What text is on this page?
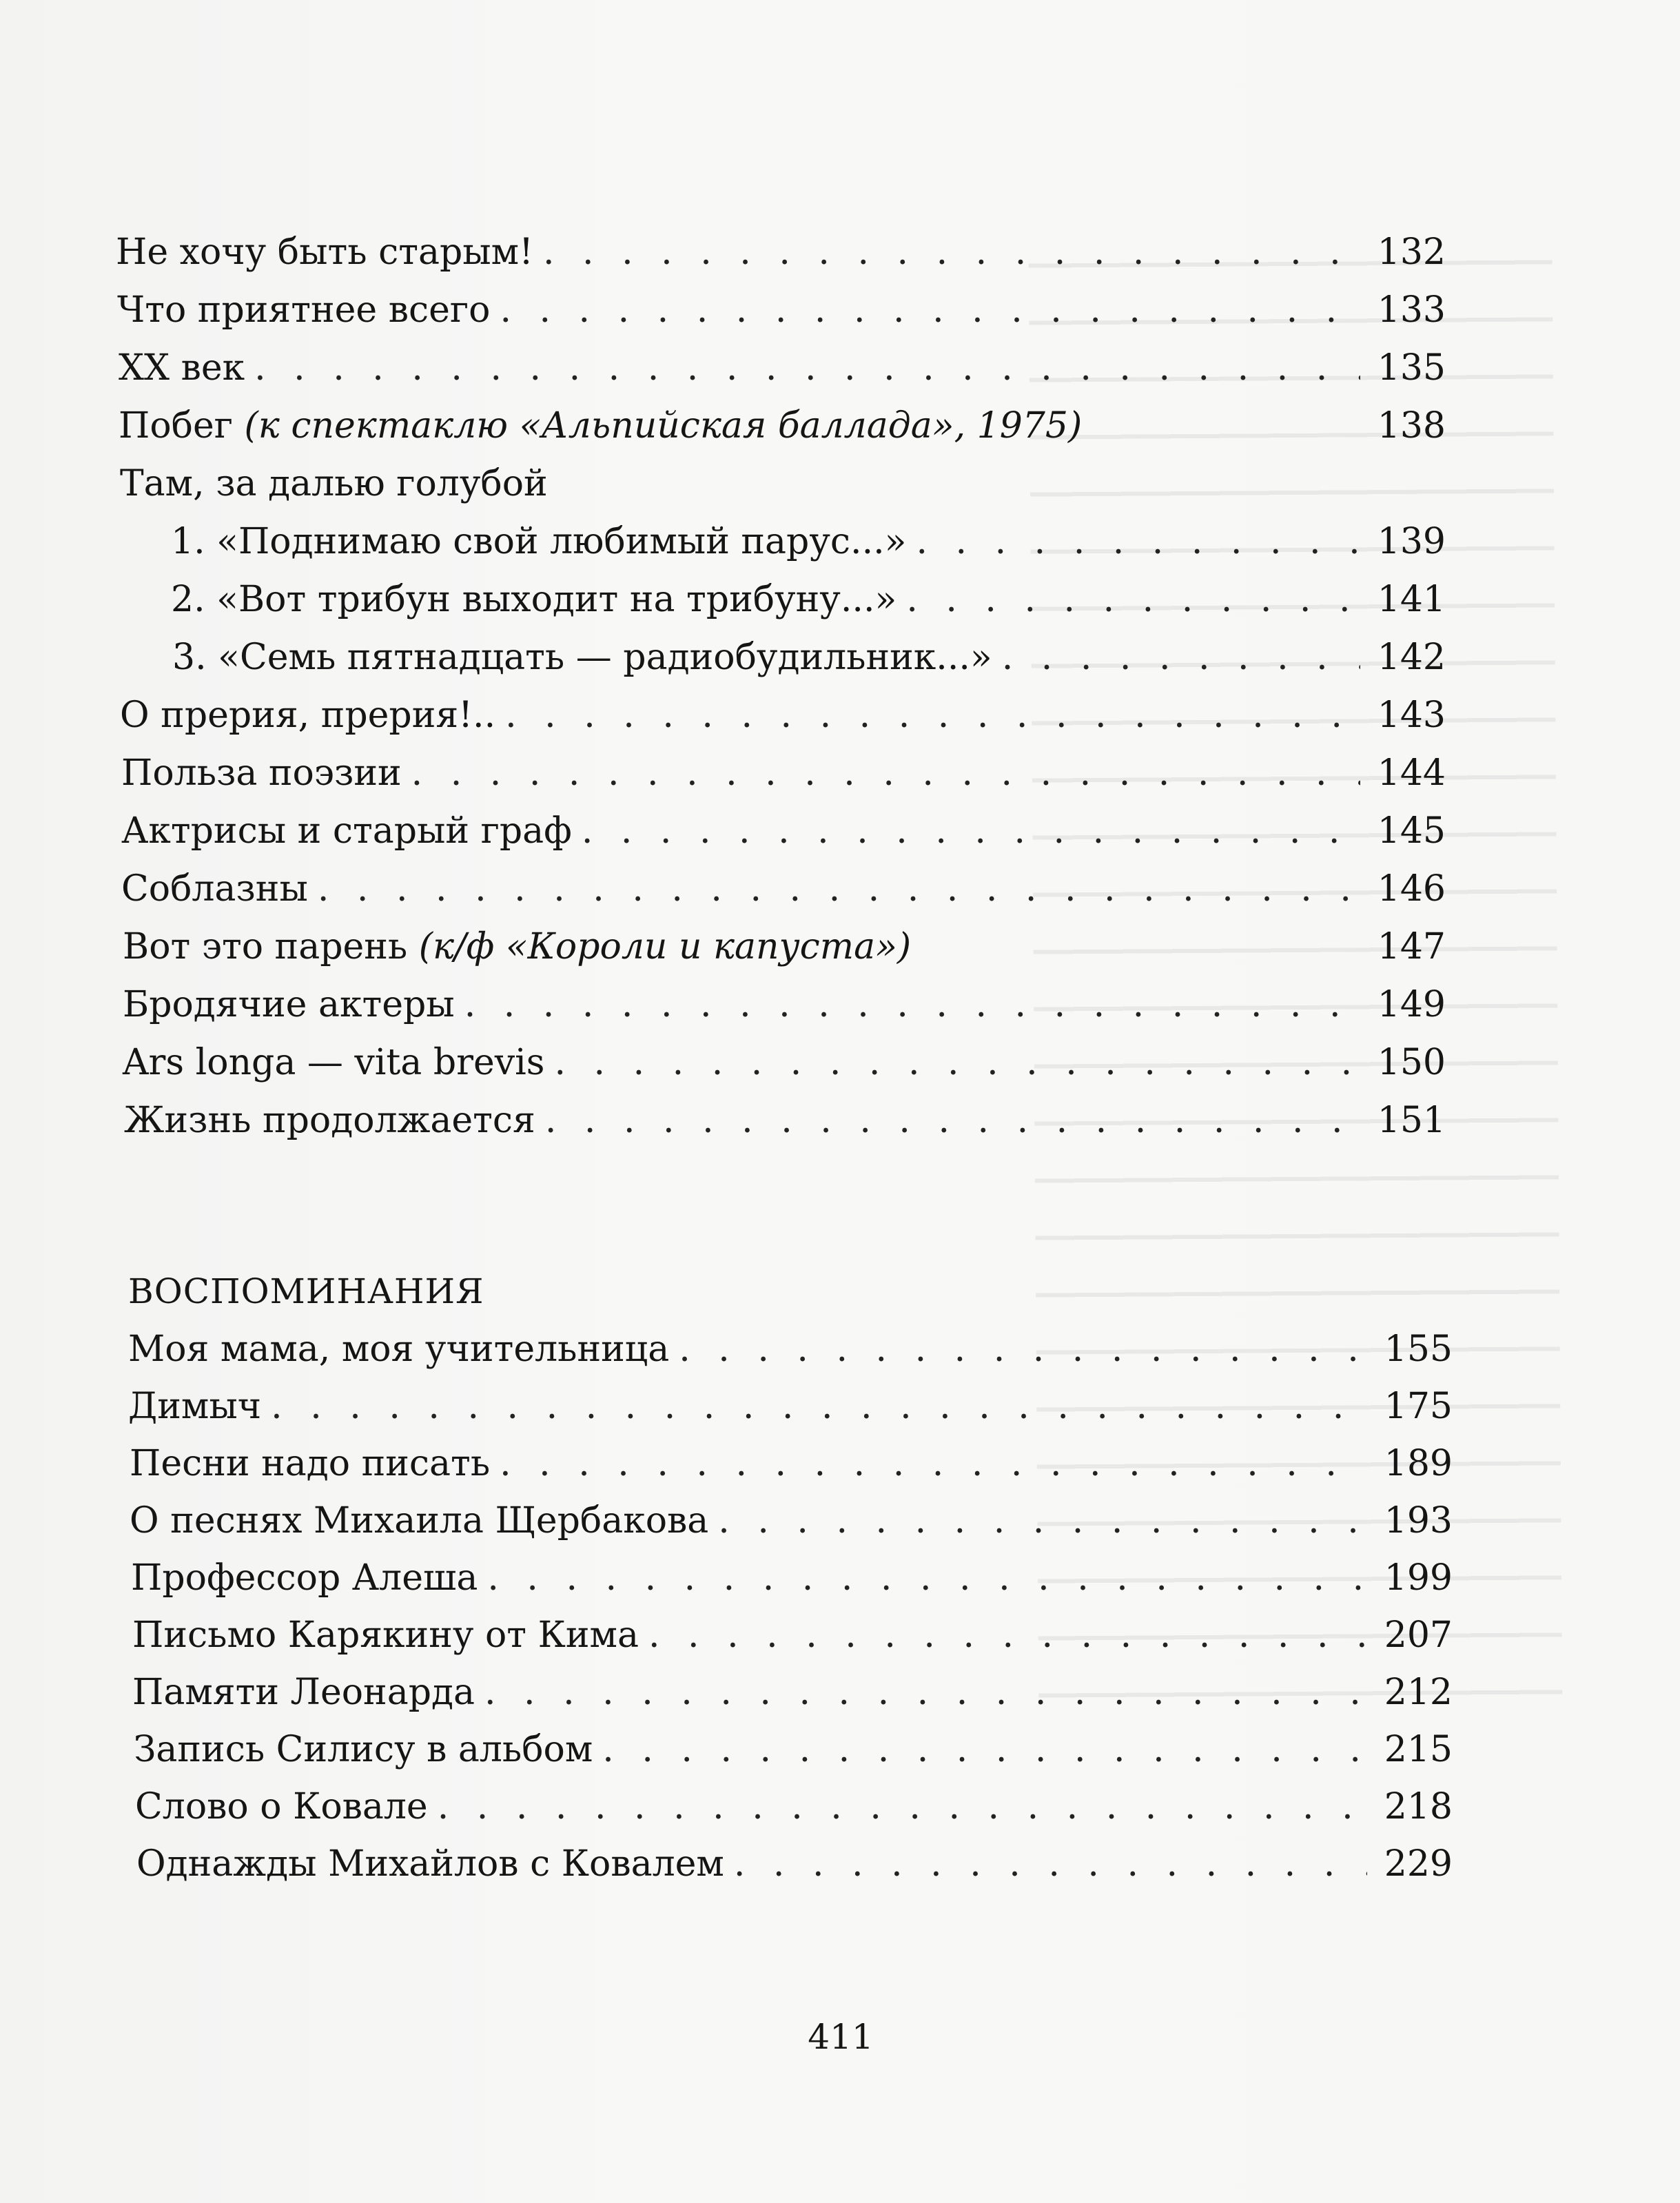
Не хочу быть старым! . . .	132
Что приятнее всего . . .	133
XX век . . .	135
Побег (к спектаклю «Альпийская баллада», 1975)	138
Там, за далью голубой
1. «Поднимаю свой любимый парус...» . . .	139
2. «Вот трибун выходит на трибуну...» . . .	141
3. «Семь пятнадцать — радиобудильник...» . . .	142
О прерия, прерия!.. . . .	143
Польза поэзии . . .	144
Актрисы и старый граф . . .	145
Соблазны . . .	146
Вот это парень (к/ф «Короли и капуста»)	147
Бродячие актеры . . .	149
Ars longa — vita brevis . . .	150
Жизнь продолжается . . .	151
ВОСПОМИНАНИЯ
Моя мама, моя учительница . . .	155
Димыч . . .	175
Песни надо писать . . .	189
О песнях Михаила Щербакова . . .	193
Профессор Алеша . . .	199
Письмо Карякину от Кима . . .	207
Памяти Леонарда . . .	212
Запись Силису в альбом . . .	215
Слово о Ковале . . .	218
Однажды Михайлов с Ковалем . . .	229
411
